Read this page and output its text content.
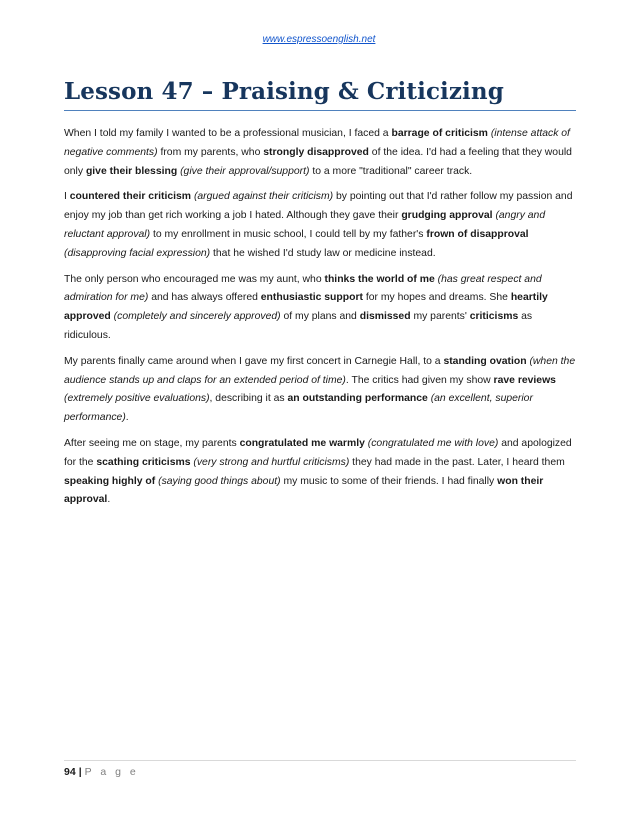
www.espressoenglish.net
Lesson 47 – Praising & Criticizing

When I told my family I wanted to be a professional musician, I faced a barrage of criticism (intense attack of negative comments) from my parents, who strongly disapproved of the idea. I'd had a feeling that they would only give their blessing (give their approval/support) to a more "traditional" career track.

I countered their criticism (argued against their criticism) by pointing out that I'd rather follow my passion and enjoy my job than get rich working a job I hated. Although they gave their grudging approval (angry and reluctant approval) to my enrollment in music school, I could tell by my father's frown of disapproval (disapproving facial expression) that he wished I'd study law or medicine instead.

The only person who encouraged me was my aunt, who thinks the world of me (has great respect and admiration for me) and has always offered enthusiastic support for my hopes and dreams. She heartily approved (completely and sincerely approved) of my plans and dismissed my parents' criticisms as ridiculous.

My parents finally came around when I gave my first concert in Carnegie Hall, to a standing ovation (when the audience stands up and claps for an extended period of time). The critics had given my show rave reviews (extremely positive evaluations), describing it as an outstanding performance (an excellent, superior performance).

After seeing me on stage, my parents congratulated me warmly (congratulated me with love) and apologized for the scathing criticisms (very strong and hurtful criticisms) they had made in the past. Later, I heard them speaking highly of (saying good things about) my music to some of their friends. I had finally won their approval.

94 | P a g e
